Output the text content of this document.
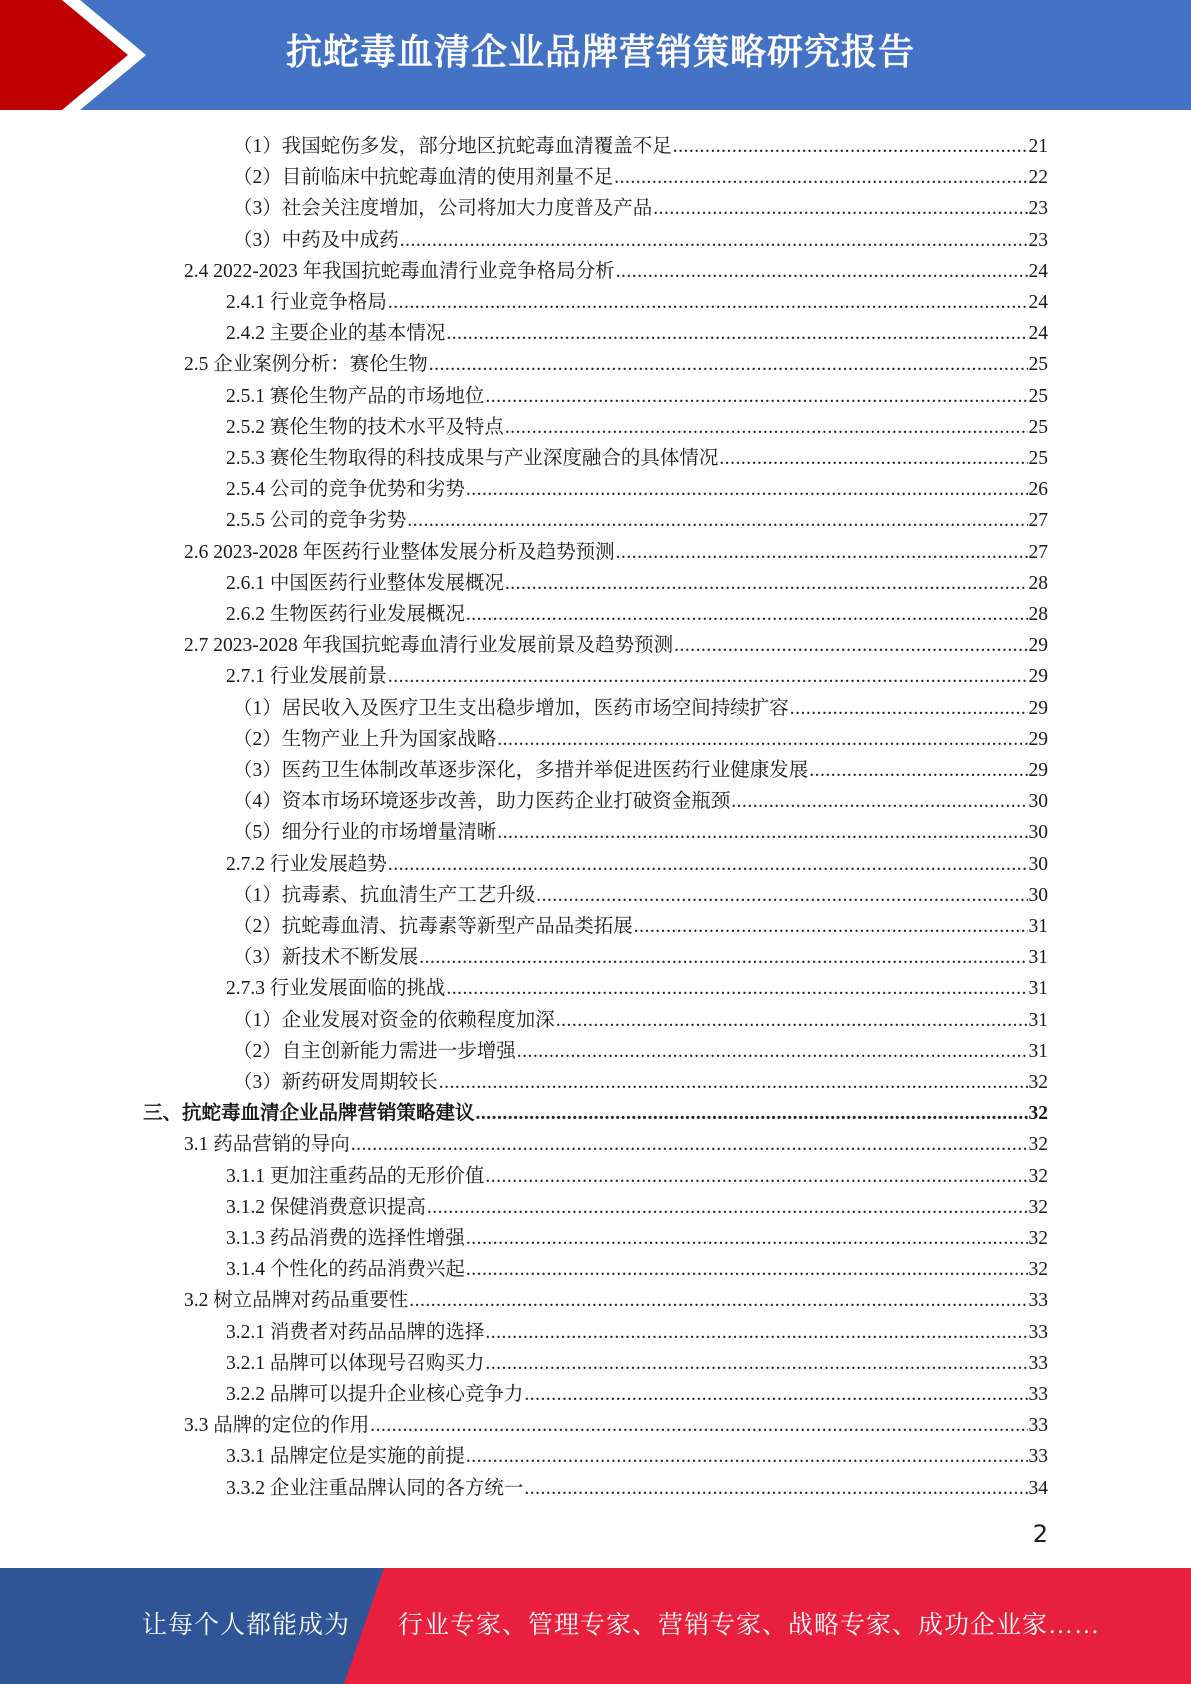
抗蛇毒血清企业品牌营销策略研究报告
（1）我国蛇伤多发，部分地区抗蛇毒血清覆盖不足 .....	21
（2）目前临床中抗蛇毒血清的使用剂量不足 .....	22
（3）社会关注度增加，公司将加大力度普及产品 .....	23
（3）中药及中成药 .....	23
2.4 2022-2023 年我国抗蛇毒血清行业竞争格局分析 .....	24
2.4.1 行业竞争格局 .....	24
2.4.2 主要企业的基本情况 .....	24
2.5 企业案例分析：赛伦生物 .....	25
2.5.1 赛伦生物产品的市场地位 .....	25
2.5.2 赛伦生物的技术水平及特点 .....	25
2.5.3 赛伦生物取得的科技成果与产业深度融合的具体情况 .....	25
2.5.4 公司的竞争优势和劣势 .....	26
2.5.5 公司的竞争劣势 .....	27
2.6 2023-2028 年医药行业整体发展分析及趋势预测 .....	27
2.6.1 中国医药行业整体发展概况 .....	28
2.6.2 生物医药行业发展概况 .....	28
2.7 2023-2028 年我国抗蛇毒血清行业发展前景及趋势预测 .....	29
2.7.1 行业发展前景 .....	29
（1）居民收入及医疗卫生支出稳步增加，医药市场空间持续扩容 .....	29
（2）生物产业上升为国家战略 .....	29
（3）医药卫生体制改革逐步深化，多措并举促进医药行业健康发展 .....	29
（4）资本市场环境逐步改善，助力医药企业打破资金瓶颈 .....	30
（5）细分行业的市场增量清晰 .....	30
2.7.2 行业发展趋势 .....	30
（1）抗毒素、抗血清生产工艺升级 .....	30
（2）抗蛇毒血清、抗毒素等新型产品品类拓展 .....	31
（3）新技术不断发展 .....	31
2.7.3 行业发展面临的挑战 .....	31
（1）企业发展对资金的依赖程度加深 .....	31
（2）自主创新能力需进一步增强 .....	31
（3）新药研发周期较长 .....	32
三、抗蛇毒血清企业品牌营销策略建议 .....	32
3.1 药品营销的导向 .....	32
3.1.1 更加注重药品的无形价值 .....	32
3.1.2 保健消费意识提高 .....	32
3.1.3 药品消费的选择性增强 .....	32
3.1.4 个性化的药品消费兴起 .....	32
3.2 树立品牌对药品重要性 .....	33
3.2.1 消费者对药品品牌的选择 .....	33
3.2.1 品牌可以体现号召购买力 .....	33
3.2.2 品牌可以提升企业核心竞争力 .....	33
3.3 品牌的定位的作用 .....	33
3.3.1 品牌定位是实施的前提 .....	33
3.3.2 企业注重品牌认同的各方统一 .....	34
2
让每个人都能成为 行业专家、管理专家、营销专家、战略专家、成功企业家……
